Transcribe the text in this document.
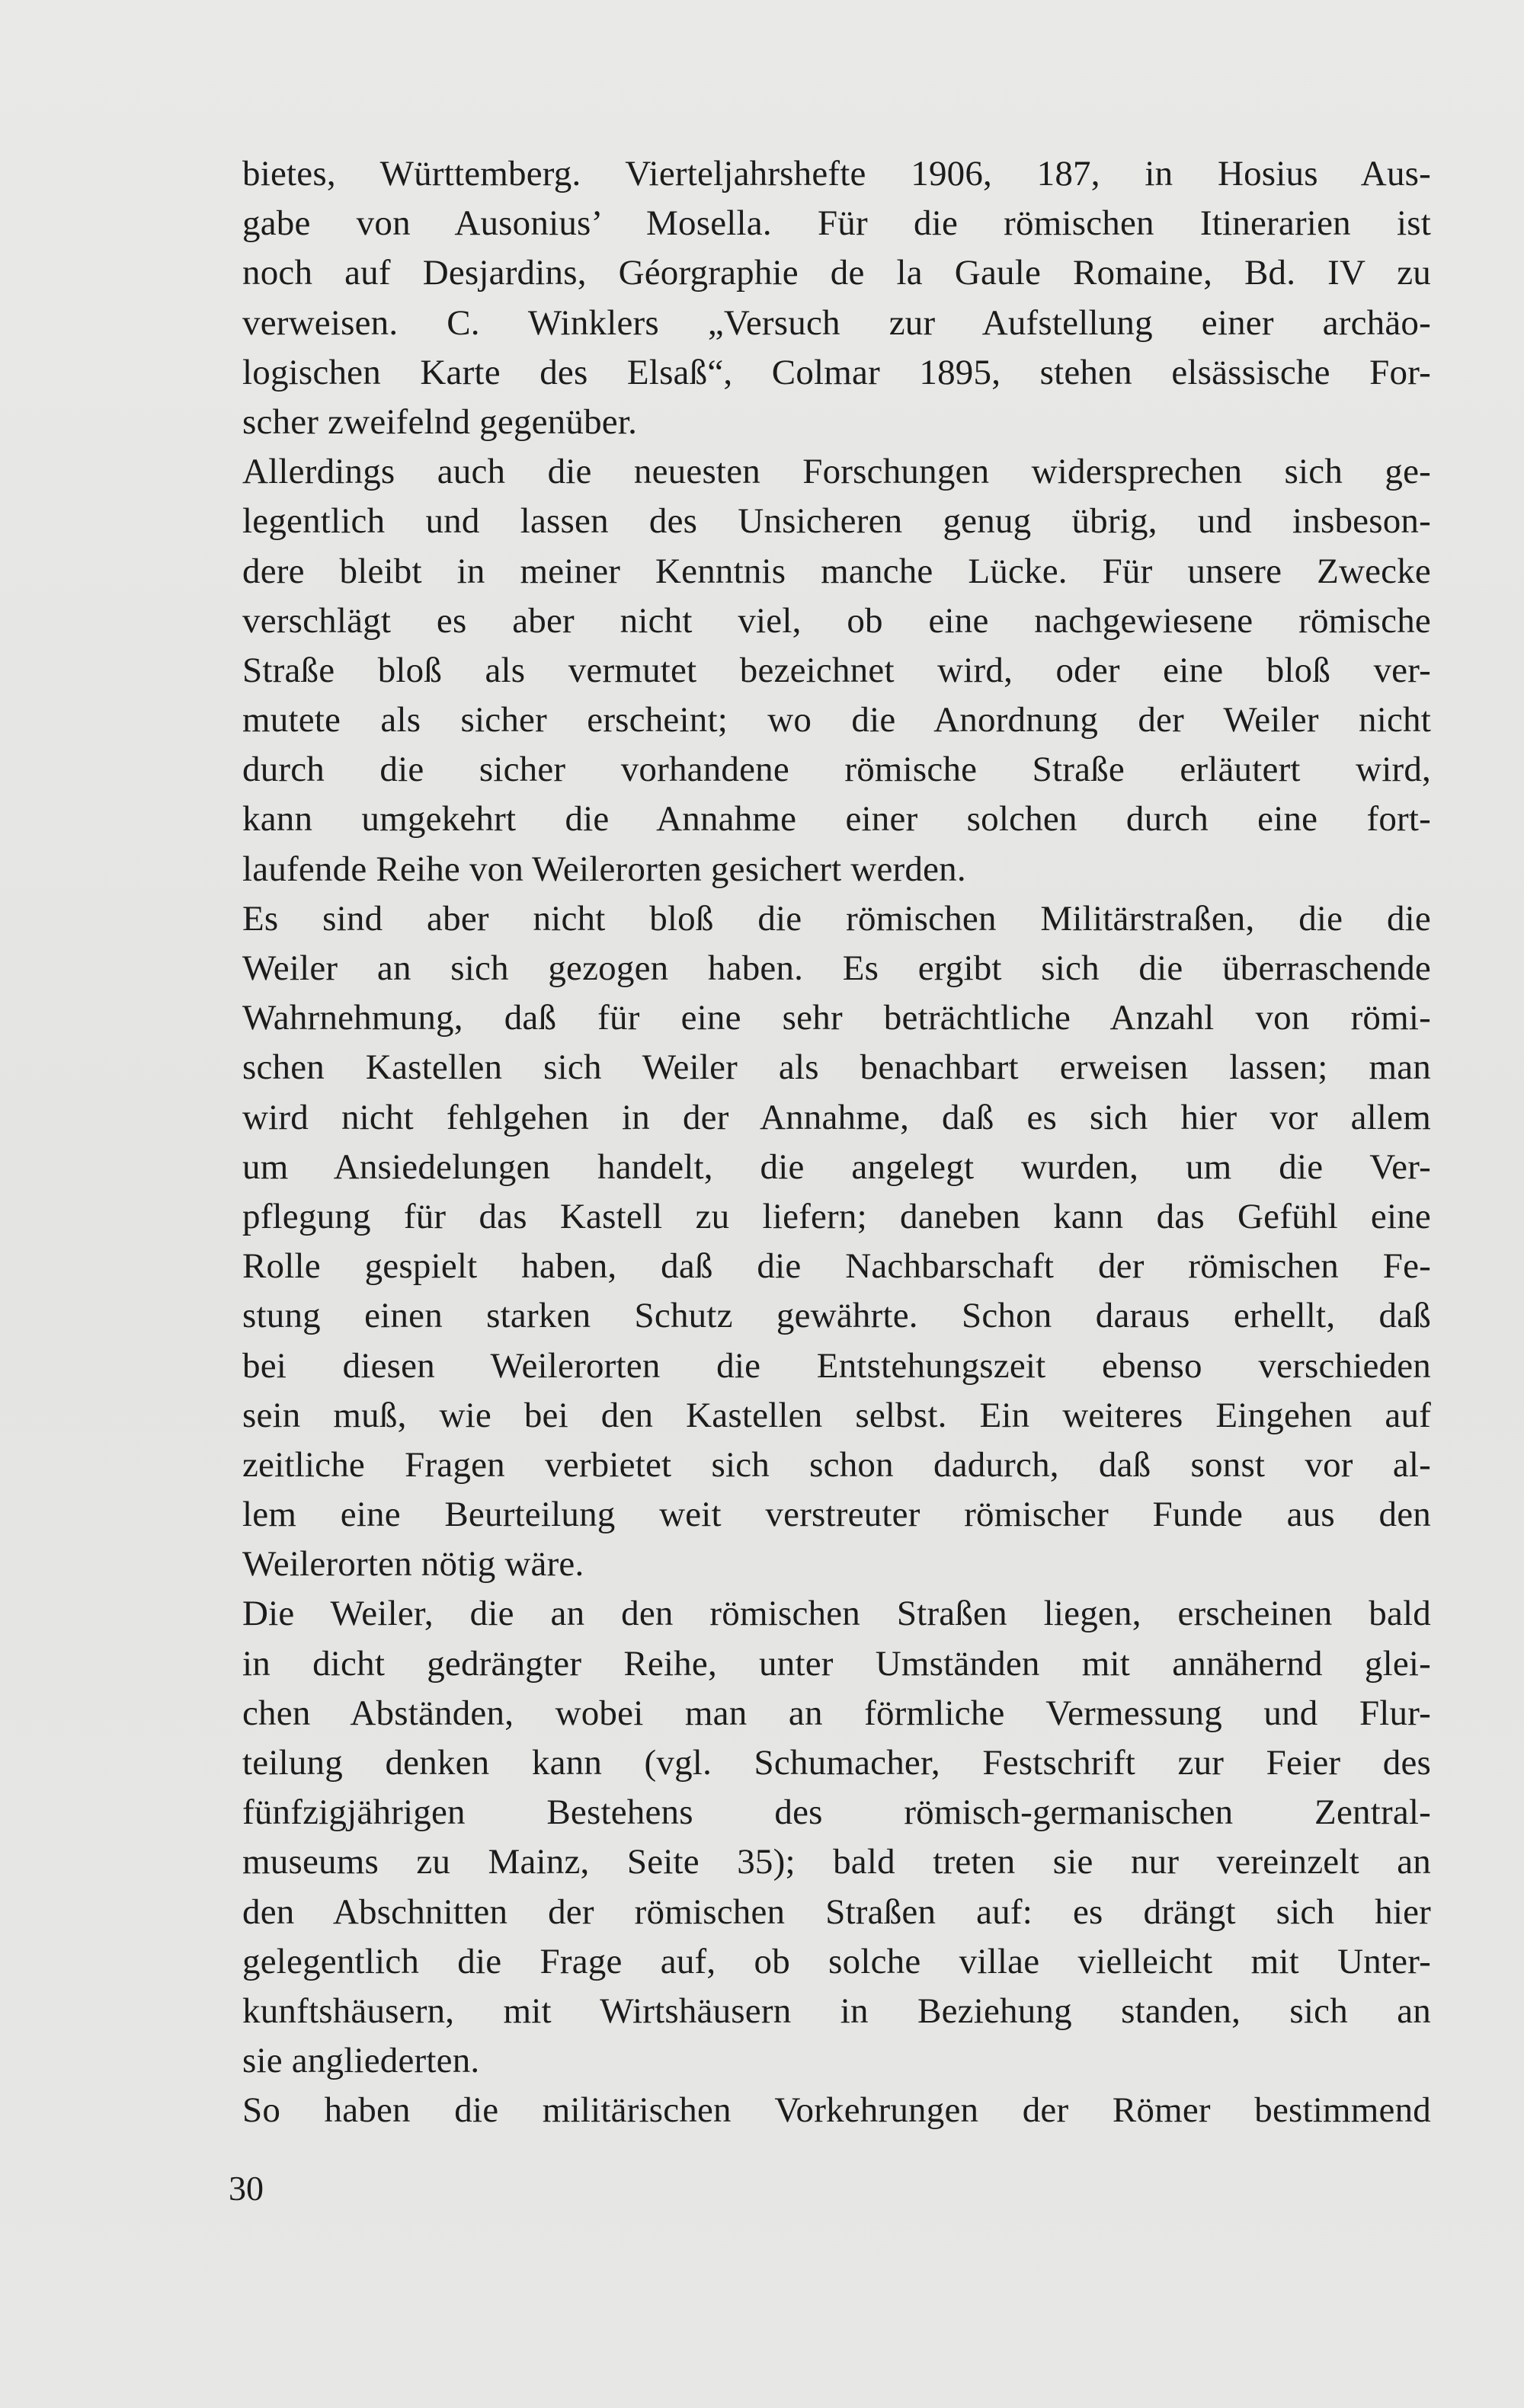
bietes, Württemberg. Vierteljahrshefte 1906, 187, in Hosius Aus-
gabe von Ausonius’ Mosella. Für die römischen Itinerarien ist
noch auf Desjardins, Géorgraphie de la Gaule Romaine, Bd. IV zu
verweisen. C. Winklers „Versuch zur Aufstellung einer archäo-
logischen Karte des Elsaß“, Colmar 1895, stehen elsässische For-
scher zweifelnd gegenüber.
Allerdings auch die neuesten Forschungen widersprechen sich ge-
legentlich und lassen des Unsicheren genug übrig, und insbeson-
dere bleibt in meiner Kenntnis manche Lücke. Für unsere Zwecke
verschlägt es aber nicht viel, ob eine nachgewiesene römische
Straße bloß als vermutet bezeichnet wird, oder eine bloß ver-
mutete als sicher erscheint; wo die Anordnung der Weiler nicht
durch die sicher vorhandene römische Straße erläutert wird,
kann umgekehrt die Annahme einer solchen durch eine fort-
laufende Reihe von Weilerorten gesichert werden.
Es sind aber nicht bloß die römischen Militärstraßen, die die
Weiler an sich gezogen haben. Es ergibt sich die überraschende
Wahrnehmung, daß für eine sehr beträchtliche Anzahl von römi-
schen Kastellen sich Weiler als benachbart erweisen lassen; man
wird nicht fehlgehen in der Annahme, daß es sich hier vor allem
um Ansiedelungen handelt, die angelegt wurden, um die Ver-
pflegung für das Kastell zu liefern; daneben kann das Gefühl eine
Rolle gespielt haben, daß die Nachbarschaft der römischen Fe-
stung einen starken Schutz gewährte. Schon daraus erhellt, daß
bei diesen Weilerorten die Entstehungszeit ebenso verschieden
sein muß, wie bei den Kastellen selbst. Ein weiteres Eingehen auf
zeitliche Fragen verbietet sich schon dadurch, daß sonst vor al-
lem eine Beurteilung weit verstreuter römischer Funde aus den
Weilerorten nötig wäre.
Die Weiler, die an den römischen Straßen liegen, erscheinen bald
in dicht gedrängter Reihe, unter Umständen mit annähernd glei-
chen Abständen, wobei man an förmliche Vermessung und Flur-
teilung denken kann (vgl. Schumacher, Festschrift zur Feier des
fünfzigjährigen Bestehens des römisch-germanischen Zentral-
museums zu Mainz, Seite 35); bald treten sie nur vereinzelt an
den Abschnitten der römischen Straßen auf: es drängt sich hier
gelegentlich die Frage auf, ob solche villae vielleicht mit Unter-
kunftshäusern, mit Wirtshäusern in Beziehung standen, sich an
sie angliederten.
So haben die militärischen Vorkehrungen der Römer bestimmend
30
